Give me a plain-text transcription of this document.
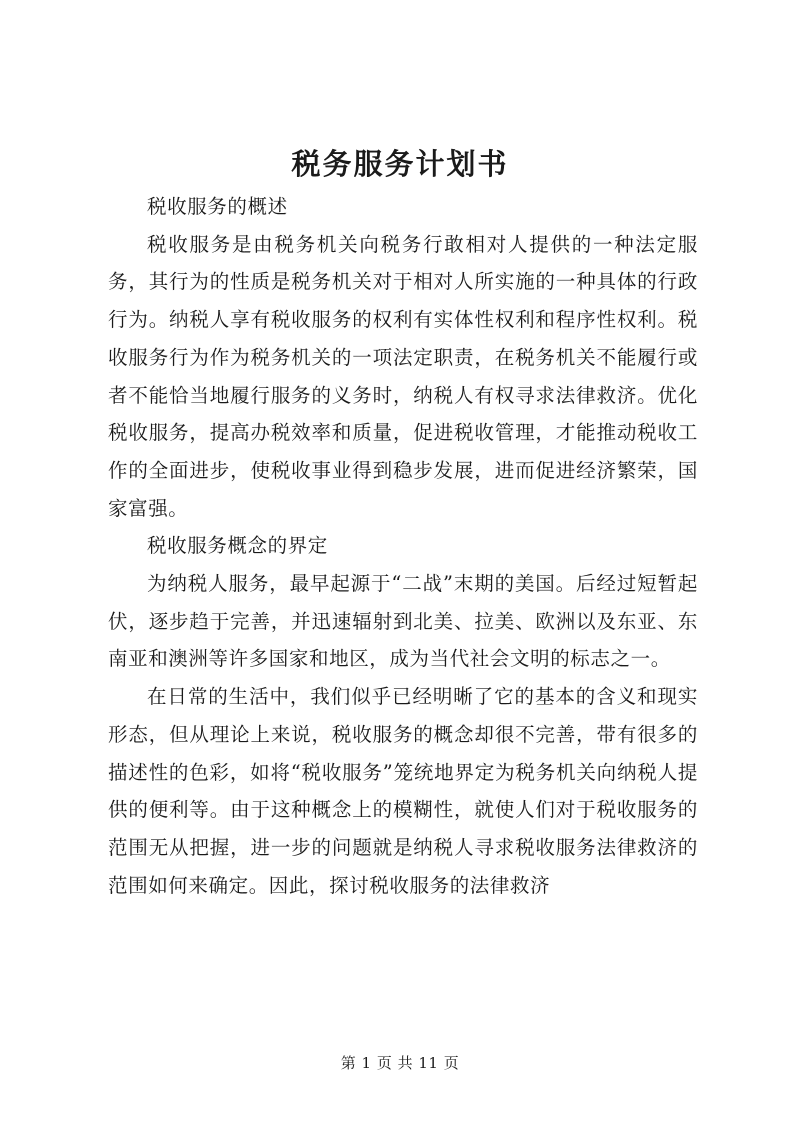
税务服务计划书

税收服务的概述

税收服务是由税务机关向税务行敢相对人提供的一种法定服务，其行为的性质是税务机关对于相对人所实施的一种具体的行政行为。纳税人享有税收服务的权利有实体性权利和程序性权利。税收服务行为作为税务机关的一项法定职责，在税务机关不能履行或者不能恰当地履行服务的义务时，纳税人有权寻求法律救济。优化税收服务，提高办税效率和质量，促进税收管理，才能推动税收工作的全面进步，使税收事业得到稳步发展，进而促进经济繁荣，国家富强。

税收服务概念的界定

为纳税人服务，最早起源于“二战”末期的美国。后经过短暂起伏，逐步趋于完善，并迅速辐射到北美、拉美、欧洲以及东亚、东南亚和澳洲等许多国家和地区，成为当代社会文明的标志之一。

在日常的生活中，我们似乎已经明晰了它的基本的含义和现实形态，但从理论上来说，税收服务的概念却很不完善，带有很多的描述性的色彩，如将“税收服务”笼统地界定为税务机关向纳税人提供的便利等。由于这种概念上的模糊性，就使人们对于税收服务的范围无从把握，进一步的问题就是纳税人寻求税收服务法律救济的范围如何来确定。因此，探讨税收服务的法律救济

第 1 页 共 11 页
